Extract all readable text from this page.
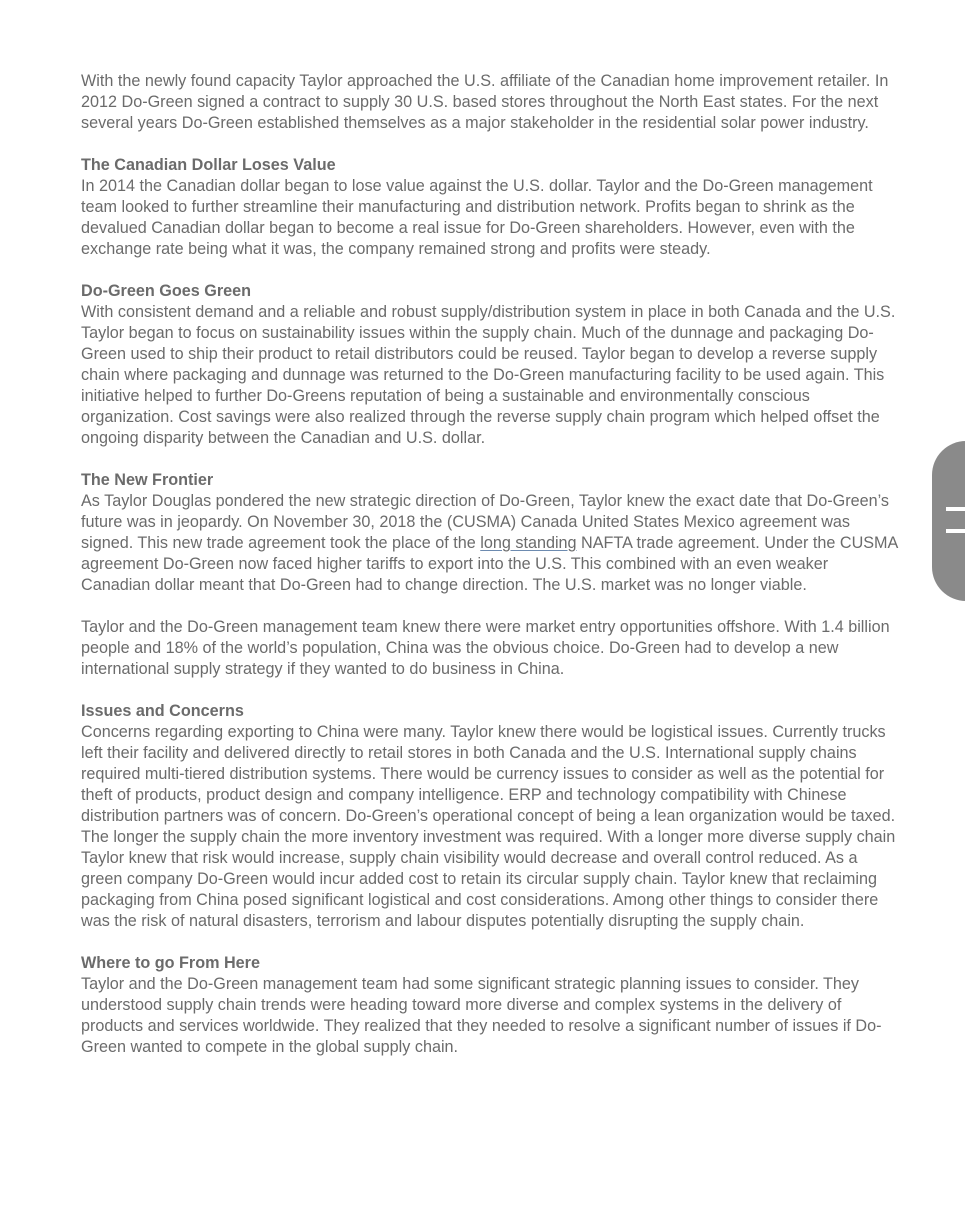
With the newly found capacity Taylor approached the U.S. affiliate of the Canadian home improvement retailer. In 2012 Do-Green signed a contract to supply 30 U.S. based stores throughout the North East states. For the next several years Do-Green established themselves as a major stakeholder in the residential solar power industry.

The Canadian Dollar Loses Value

In 2014 the Canadian dollar began to lose value against the U.S. dollar. Taylor and the Do-Green management team looked to further streamline their manufacturing and distribution network. Profits began to shrink as the devalued Canadian dollar began to become a real issue for Do-Green shareholders. However, even with the exchange rate being what it was, the company remained strong and profits were steady.

Do-Green Goes Green

With consistent demand and a reliable and robust supply/distribution system in place in both Canada and the U.S. Taylor began to focus on sustainability issues within the supply chain. Much of the dunnage and packaging Do-Green used to ship their product to retail distributors could be reused. Taylor began to develop a reverse supply chain where packaging and dunnage was returned to the Do-Green manufacturing facility to be used again. This initiative helped to further Do-Greens reputation of being a sustainable and environmentally conscious organization. Cost savings were also realized through the reverse supply chain program which helped offset the ongoing disparity between the Canadian and U.S. dollar.

The New Frontier

As Taylor Douglas pondered the new strategic direction of Do-Green, Taylor knew the exact date that Do-Green’s future was in jeopardy. On November 30, 2018 the (CUSMA) Canada United States Mexico agreement was signed. This new trade agreement took the place of the long standing NAFTA trade agreement. Under the CUSMA agreement Do-Green now faced higher tariffs to export into the U.S. This combined with an even weaker Canadian dollar meant that Do-Green had to change direction. The U.S. market was no longer viable.

Taylor and the Do-Green management team knew there were market entry opportunities offshore. With 1.4 billion people and 18% of the world’s population, China was the obvious choice. Do-Green had to develop a new international supply strategy if they wanted to do business in China.

Issues and Concerns

Concerns regarding exporting to China were many. Taylor knew there would be logistical issues. Currently trucks left their facility and delivered directly to retail stores in both Canada and the U.S. International supply chains required multi-tiered distribution systems. There would be currency issues to consider as well as the potential for theft of products, product design and company intelligence. ERP and technology compatibility with Chinese distribution partners was of concern. Do-Green’s operational concept of being a lean organization would be taxed. The longer the supply chain the more inventory investment was required. With a longer more diverse supply chain Taylor knew that risk would increase, supply chain visibility would decrease and overall control reduced. As a green company Do-Green would incur added cost to retain its circular supply chain. Taylor knew that reclaiming packaging from China posed significant logistical and cost considerations. Among other things to consider there was the risk of natural disasters, terrorism and labour disputes potentially disrupting the supply chain.

Where to go From Here

Taylor and the Do-Green management team had some significant strategic planning issues to consider. They understood supply chain trends were heading toward more diverse and complex systems in the delivery of products and services worldwide. They realized that they needed to resolve a significant number of issues if Do-Green wanted to compete in the global supply chain.
